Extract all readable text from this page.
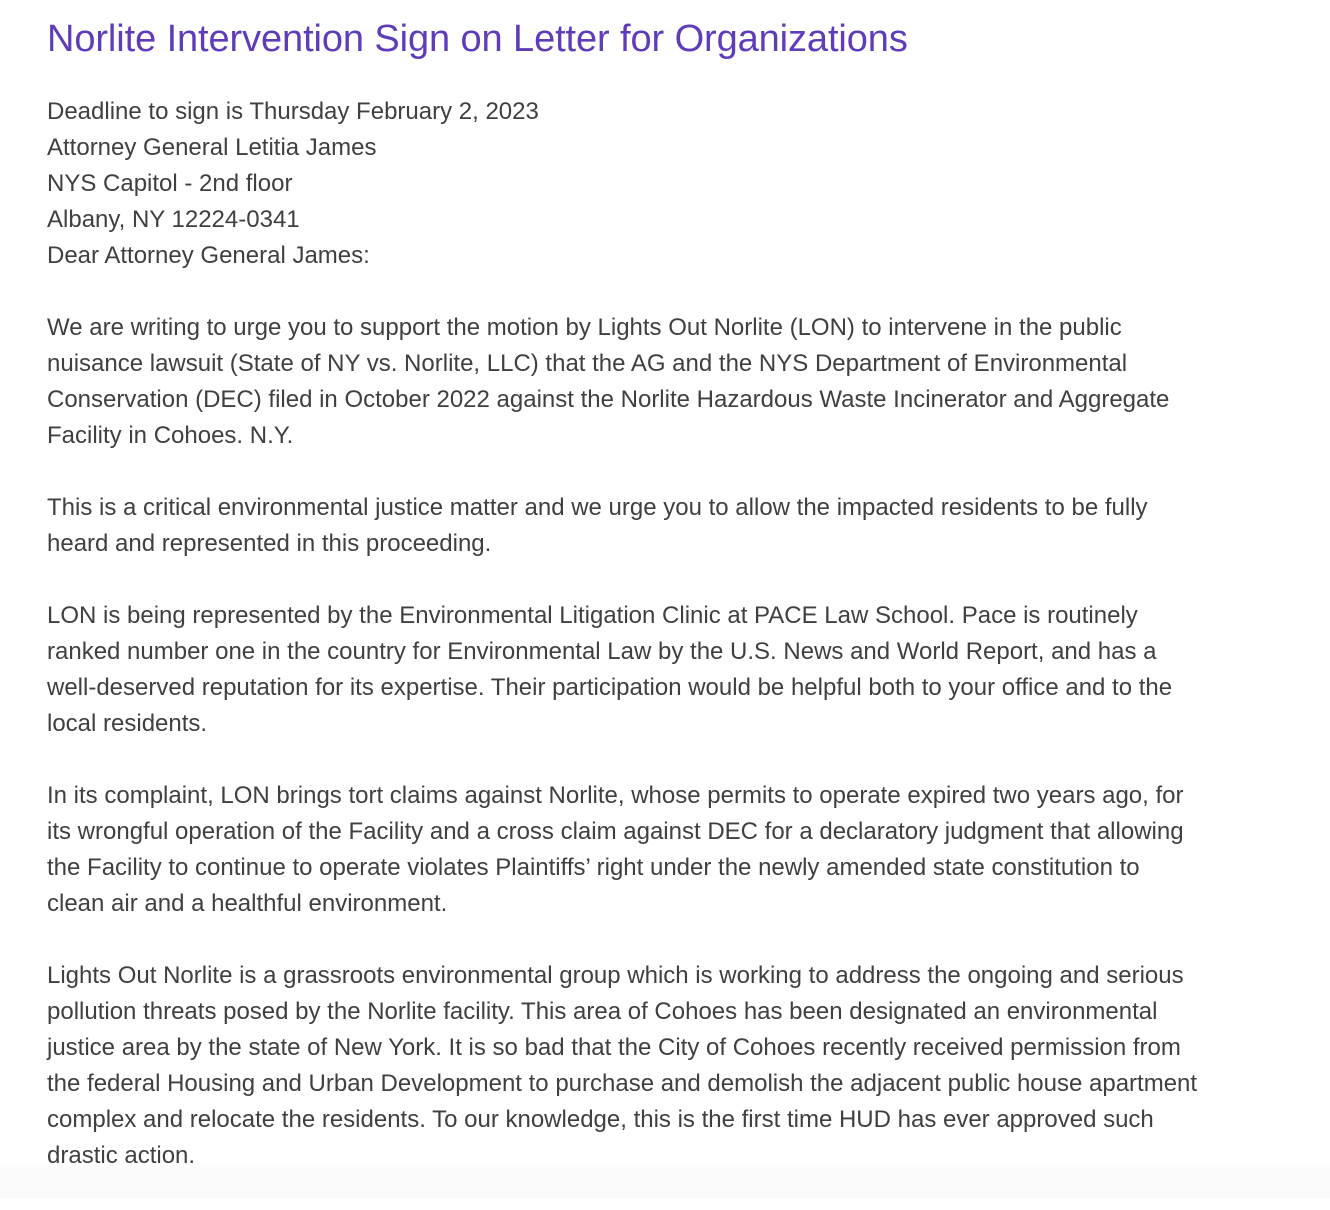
Norlite Intervention Sign on Letter for Organizations
Deadline to sign is Thursday February 2, 2023
Attorney General Letitia James
NYS Capitol - 2nd floor
Albany, NY 12224-0341
Dear Attorney General James:
We are writing to urge you to support the motion by Lights Out Norlite (LON) to intervene in the public
nuisance lawsuit (State of NY vs. Norlite, LLC) that the AG and the NYS Department of Environmental
Conservation (DEC) filed in October 2022 against the Norlite Hazardous Waste Incinerator and Aggregate
Facility in Cohoes. N.Y.
This is a critical environmental justice matter and we urge you to allow the impacted residents to be fully
heard and represented in this proceeding.
LON is being represented by the Environmental Litigation Clinic at PACE Law School. Pace is routinely
ranked number one in the country for Environmental Law by the U.S. News and World Report, and has a
well-deserved reputation for its expertise. Their participation would be helpful both to your office and to the
local residents.
In its complaint, LON brings tort claims against Norlite, whose permits to operate expired two years ago, for
its wrongful operation of the Facility and a cross claim against DEC for a declaratory judgment that allowing
the Facility to continue to operate violates Plaintiffs’ right under the newly amended state constitution to
clean air and a healthful environment.
Lights Out Norlite is a grassroots environmental group which is working to address the ongoing and serious
pollution threats posed by the Norlite facility. This area of Cohoes has been designated an environmental
justice area by the state of New York. It is so bad that the City of Cohoes recently received permission from
the federal Housing and Urban Development to purchase and demolish the adjacent public house apartment
complex and relocate the residents. To our knowledge, this is the first time HUD has ever approved such
drastic action.
